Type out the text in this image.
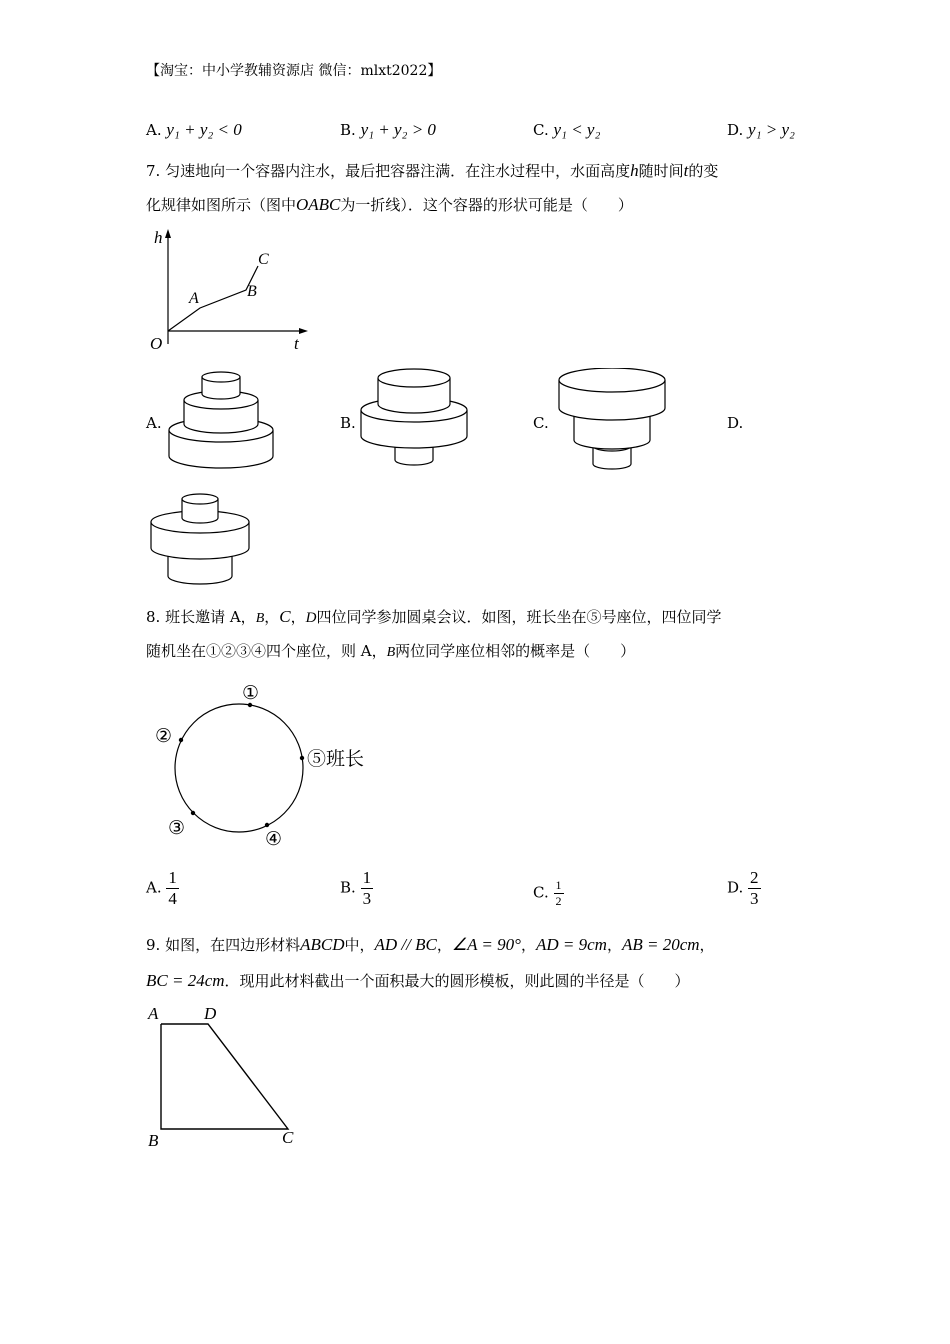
【淘宝：中小学教辅资源店 微信：mlxt2022】
A. y₁ + y₂ < 0	B. y₁ + y₂ > 0	C. y₁ < y₂	D. y₁ > y₂
7. 匀速地向一个容器内注水，最后把容器注满．在注水过程中，水面高度h随时间t的变
化规律如图所示（图中OABC为一折线）．这个容器的形状可能是（　　）
h
t
O
A	B
C
A.	B.	C.	D.
8. 班长邀请 A，B，C，D四位同学参加圆桌会议．如图，班长坐在⑤号座位，四位同学
随机坐在①②③④四个座位，则 A，B两位同学座位相邻的概率是（　　）
①
②
⑤班长
③
④
A. $\frac{1}{4}$	B. $\frac{1}{3}$	C. $\frac{1}{2}$	D. $\frac{2}{3}$
9. 如图，在四边形材料ABCD中，AD // BC，∠A = 90°，AD = 9cm，AB = 20cm，
BC = 24cm．现用此材料截出一个面积最大的圆形模板，则此圆的半径是（　　）
A	D
B	C
